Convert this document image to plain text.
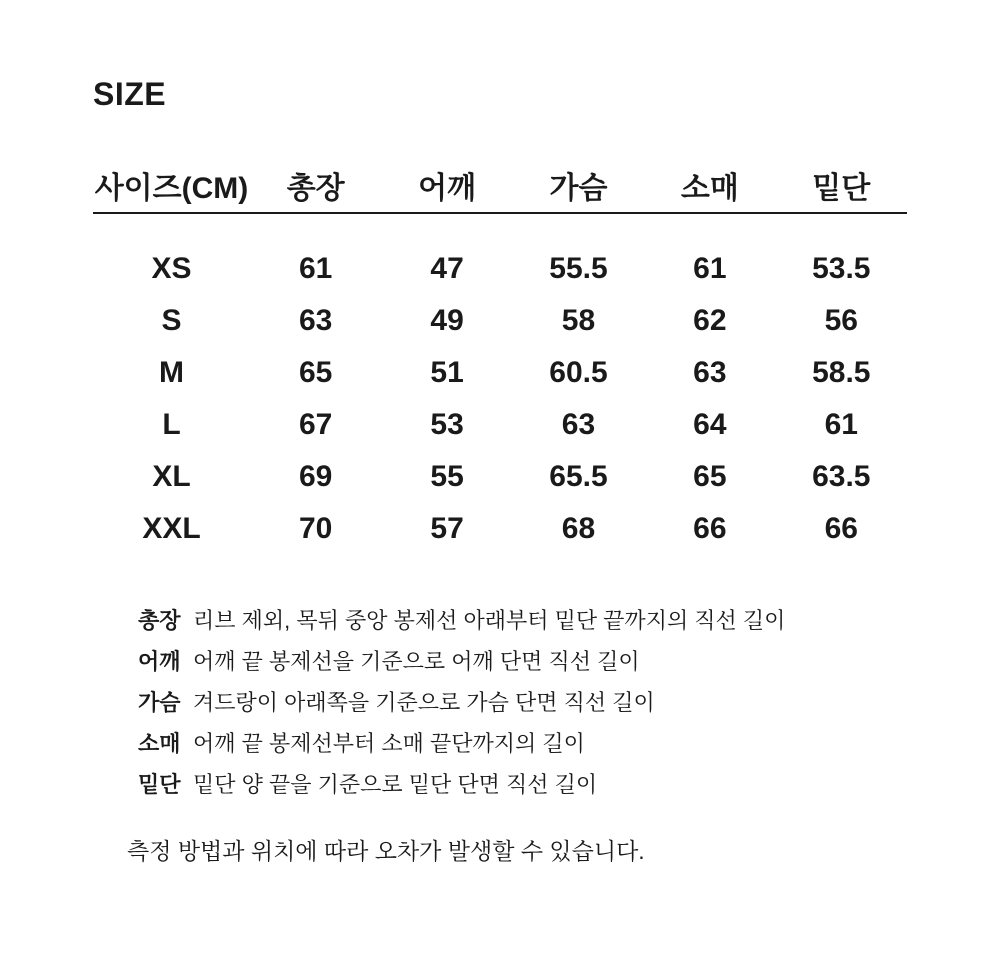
SIZE
사이즈(CM)	총장	어깨	가슴	소매	밑단
XS	61	47	55.5	61	53.5
S	63	49	58	62	56
M	65	51	60.5	63	58.5
L	67	53	63	64	61
XL	69	55	65.5	65	63.5
XXL	70	57	68	66	66
총장 리브 제외, 목뒤 중앙 봉제선 아래부터 밑단 끝까지의 직선 길이
어깨 어깨 끝 봉제선을 기준으로 어깨 단면 직선 길이
가슴 겨드랑이 아래쪽을 기준으로 가슴 단면 직선 길이
소매 어깨 끝 봉제선부터 소매 끝단까지의 길이
밑단 밑단 양 끝을 기준으로 밑단 단면 직선 길이

측정 방법과 위치에 따라 오차가 발생할 수 있습니다.
